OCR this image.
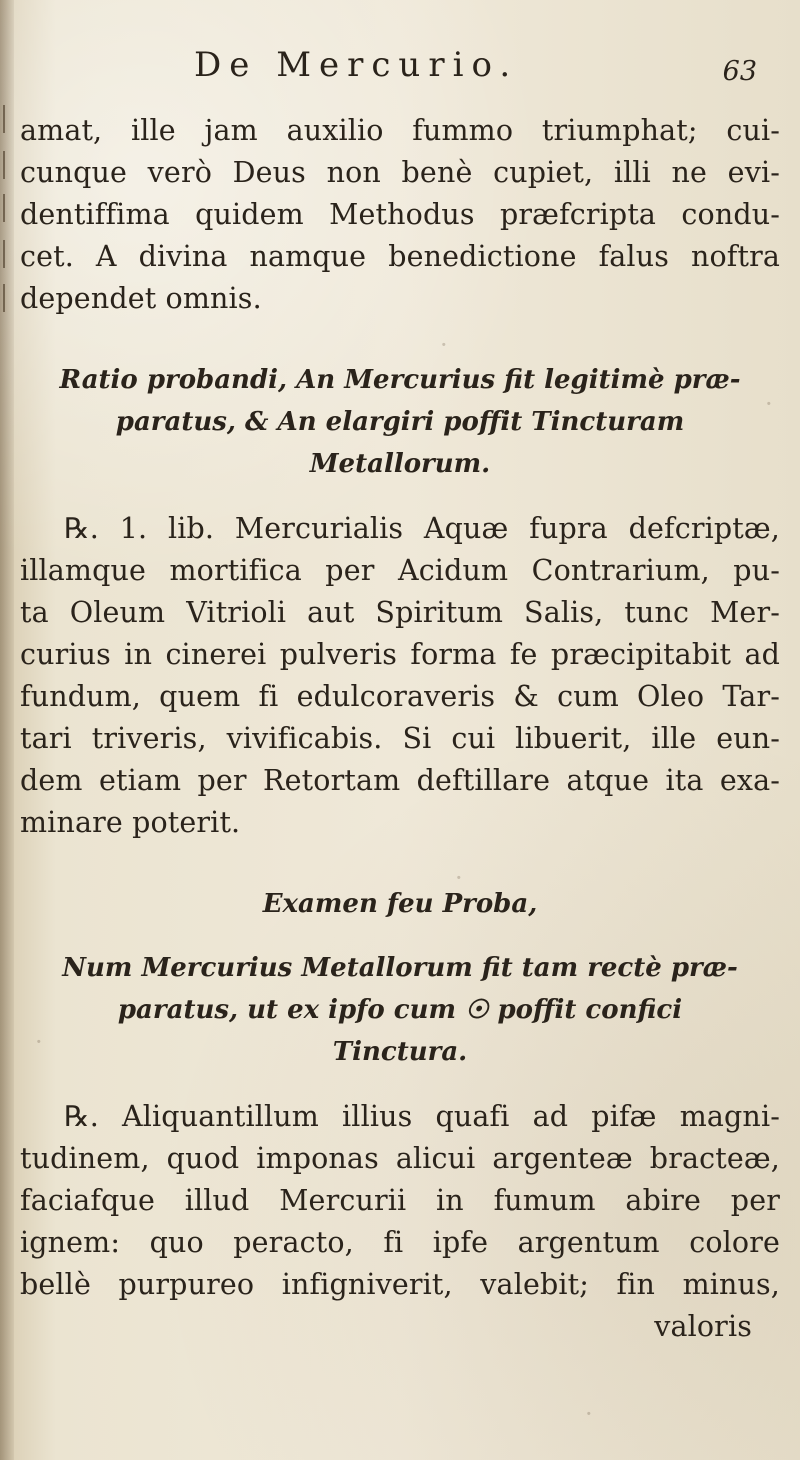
De Mercurio.	63
amat, ille jam auxilio fummo triumphat; cui-
cunque verò Deus non benè cupiet, illi ne evi-
dentiffima quidem Methodus præfcripta condu-
cet. A divina namque benedictione falus noftra
dependet omnis.
Ratio probandi, An Mercurius fit legitimè præ-
paratus, & An elargiri poffit Tincturam
Metallorum.
℞. 1. lib. Mercurialis Aquæ fupra defcriptæ,
illamque mortifica per Acidum Contrarium, pu-
ta Oleum Vitrioli aut Spiritum Salis, tunc Mer-
curius in cinerei pulveris forma fe præcipitabit ad
fundum, quem fi edulcoraveris & cum Oleo Tar-
tari triveris, vivificabis. Si cui libuerit, ille eun-
dem etiam per Retortam deftillare atque ita exa-
minare poterit.
Examen feu Proba,
Num Mercurius Metallorum fit tam rectè præ-
paratus, ut ex ipfo cum ☉ poffit confici
Tinctura.
℞. Aliquantillum illius quafi ad pifæ magni-
tudinem, quod imponas alicui argenteæ bracteæ,
faciafque illud Mercurii in fumum abire per
ignem: quo peracto, fi ipfe argentum colore
bellè purpureo infigniverit, valebit; fin minus,
valoris
·
·
·
·
·
